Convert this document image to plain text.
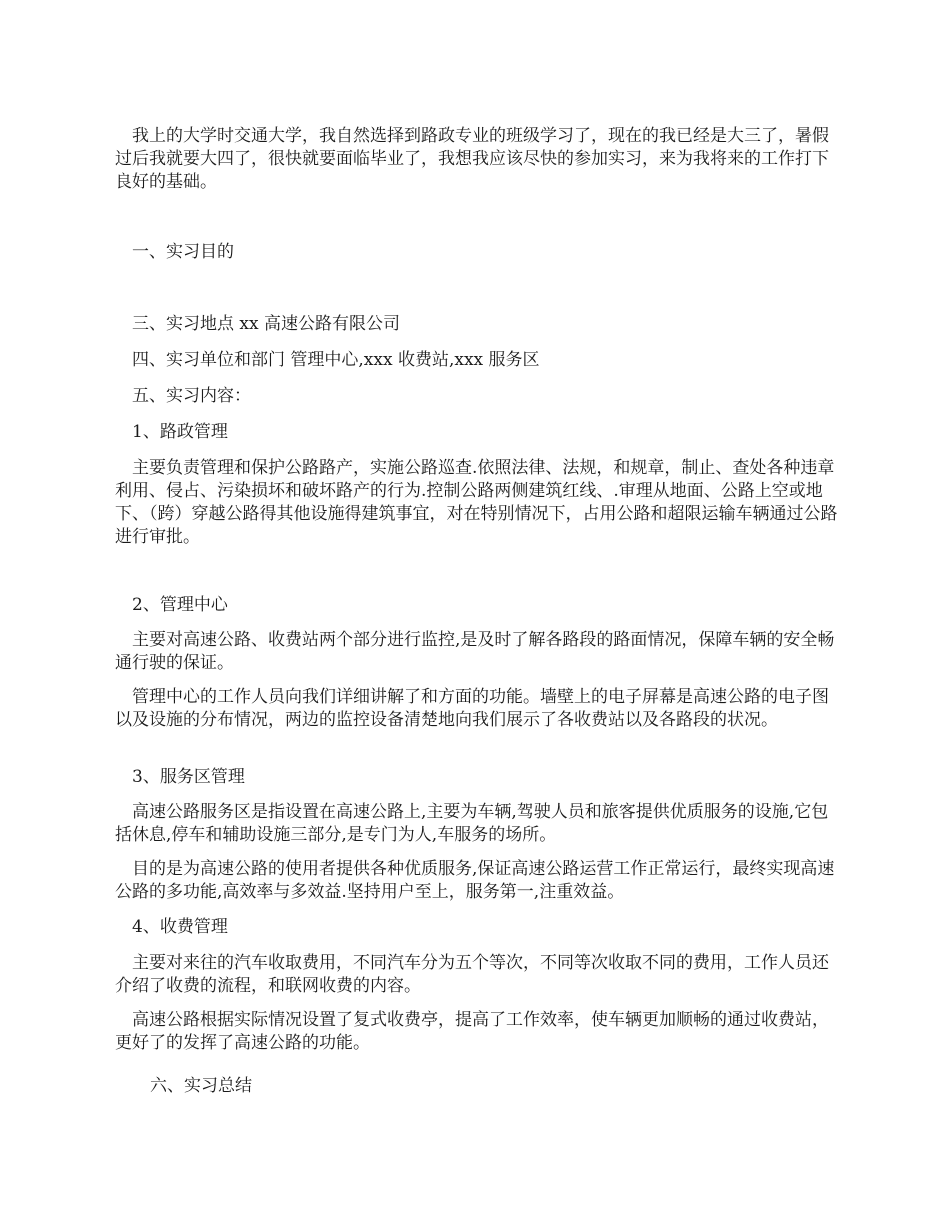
我上的大学时交通大学，我自然选择到路政专业的班级学习了，现在的我已经是大三了，暑假过后我就要大四了，很快就要面临毕业了，我想我应该尽快的参加实习，来为我将来的工作打下良好的基础。

一、实习目的

三、实习地点 xx 高速公路有限公司

四、实习单位和部门 管理中心,xxx 收费站,xxx 服务区

五、实习内容：

1、路政管理

主要负责管理和保护公路路产，实施公路巡查.依照法律、法规，和规章，制止、查处各种违章利用、侵占、污染损坏和破坏路产的行为.控制公路两侧建筑红线、.审理从地面、公路上空或地下、（跨）穿越公路得其他设施得建筑事宜，对在特别情况下，占用公路和超限运输车辆通过公路进行审批。

2、管理中心

主要对高速公路、收费站两个部分进行监控,是及时了解各路段的路面情况，保障车辆的安全畅通行驶的保证。

管理中心的工作人员向我们详细讲解了和方面的功能。墙壁上的电子屏幕是高速公路的电子图以及设施的分布情况，两边的监控设备清楚地向我们展示了各收费站以及各路段的状况。

3、服务区管理

高速公路服务区是指设置在高速公路上,主要为车辆,驾驶人员和旅客提供优质服务的设施,它包括休息,停车和辅助设施三部分,是专门为人,车服务的场所。

目的是为高速公路的使用者提供各种优质服务,保证高速公路运营工作正常运行，最终实现高速公路的多功能,高效率与多效益.坚持用户至上，服务第一,注重效益。

4、收费管理

主要对来往的汽车收取费用，不同汽车分为五个等次，不同等次收取不同的费用，工作人员还介绍了收费的流程，和联网收费的内容。

高速公路根据实际情况设置了复式收费亭，提高了工作效率，使车辆更加顺畅的通过收费站，更好了的发挥了高速公路的功能。

六、实习总结
